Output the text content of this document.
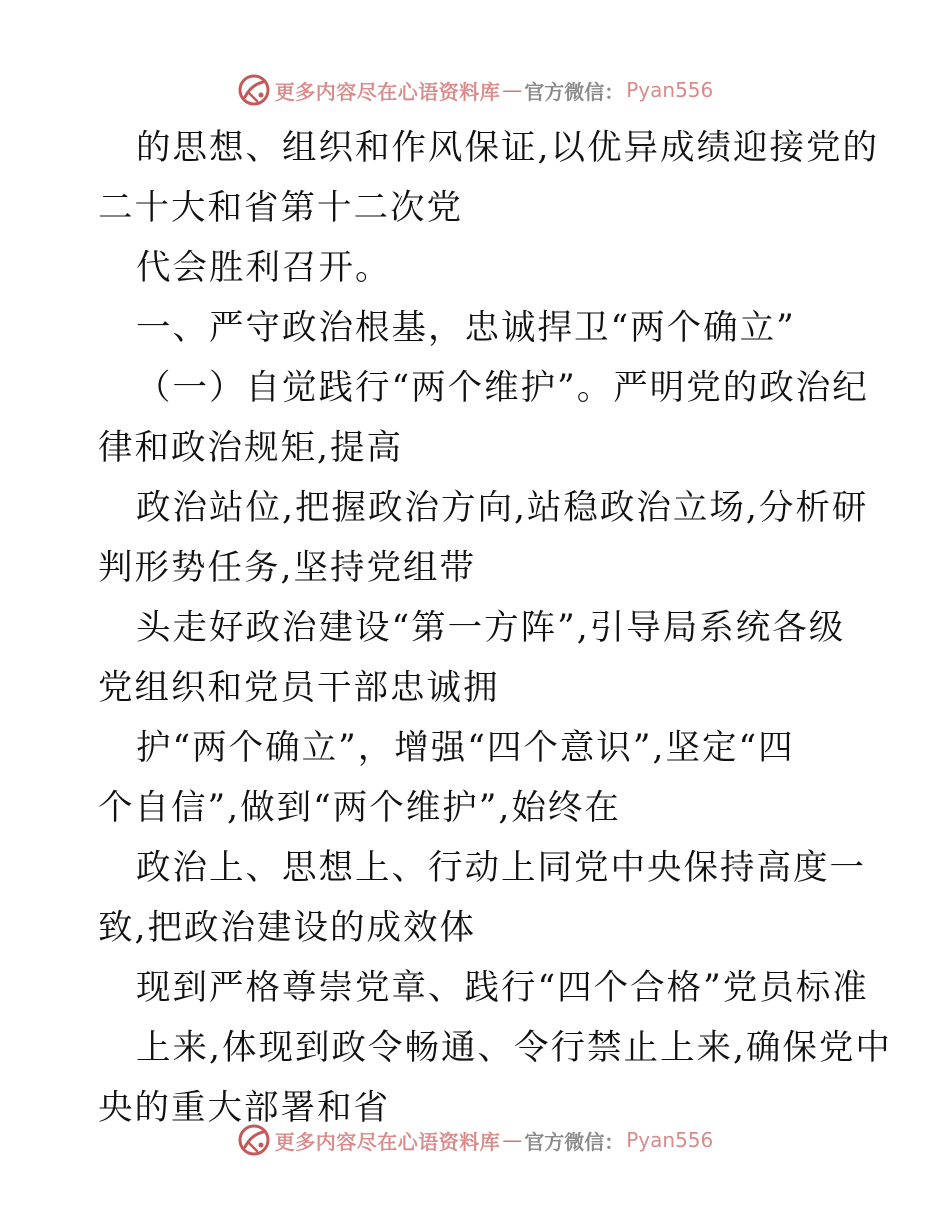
更多内容尽在心语资料库 — 官方微信： Pyan556
的思想、组织和作风保证,以优异成绩迎接党的
二十大和省第十二次党
代会胜利召开。
一、严守政治根基，忠诚捍卫“两个确立”
（一）自觉践行“两个维护”。严明党的政治纪
律和政治规矩,提高
政治站位,把握政治方向,站稳政治立场,分析研
判形势任务,坚持党组带
头走好政治建设“第一方阵”,引导局系统各级
党组织和党员干部忠诚拥
护“两个确立”，增强“四个意识”,坚定“四
个自信”,做到“两个维护”,始终在
政治上、思想上、行动上同党中央保持高度一
致,把政治建设的成效体
现到严格尊崇党章、践行“四个合格”党员标准
上来,体现到政令畅通、令行禁止上来,确保党中
央的重大部署和省
更多内容尽在心语资料库 — 官方微信： Pyan556
